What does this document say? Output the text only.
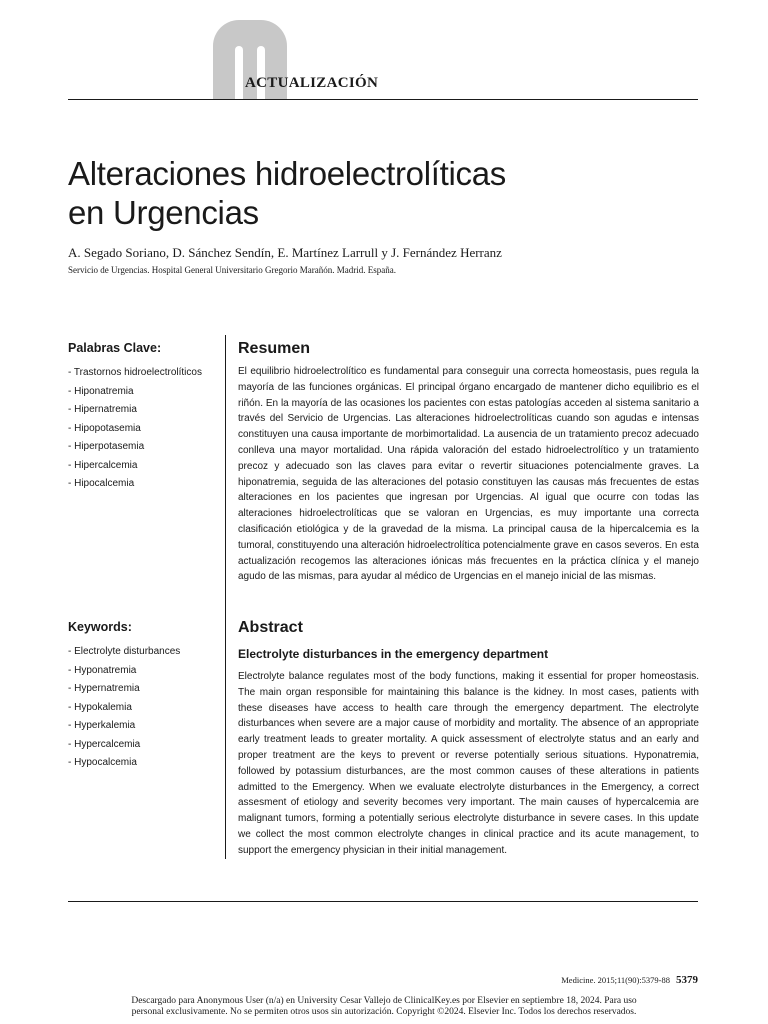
ACTUALIZACIÓN
Alteraciones hidroelectrolíticas
en Urgencias
A. Segado Soriano, D. Sánchez Sendín, E. Martínez Larrull y J. Fernández Herranz
Servicio de Urgencias. Hospital General Universitario Gregorio Marañón. Madrid. España.
Palabras Clave:
- Trastornos hidroelectrolíticos
- Hiponatremia
- Hipernatremia
- Hipopotasemia
- Hiperpotasemia
- Hipercalcemia
- Hipocalcemia
Keywords:
- Electrolyte disturbances
- Hyponatremia
- Hypernatremia
- Hypokalemia
- Hyperkalemia
- Hypercalcemia
- Hypocalcemia
Resumen

El equilibrio hidroelectrolítico es fundamental para conseguir una correcta homeostasis, pues regula la mayoría de las funciones orgánicas. El principal órgano encargado de mantener dicho equilibrio es el riñón. En la mayoría de las ocasiones los pacientes con estas patologías acceden al sistema sanitario a través del Servicio de Urgencias. Las alteraciones hidroelectrolíticas cuando son agudas e intensas constituyen una causa importante de morbimortalidad. La ausencia de un tratamiento precoz adecuado conlleva una mayor mortalidad. Una rápida valoración del estado hidroelectrolítico y un tratamiento precoz y adecuado son las claves para evitar o revertir situaciones potencialmente graves. La hiponatremia, seguida de las alteraciones del potasio constituyen las causas más frecuentes de estas alteraciones en los pacientes que ingresan por Urgencias. Al igual que ocurre con todas las alteraciones hidroelectrolíticas que se valoran en Urgencias, es muy importante una correcta clasificación etiológica y de la gravedad de la misma. La principal causa de la hipercalcemia es la tumoral, constituyendo una alteración hidroelectrolítica potencialmente grave en casos severos. En esta actualización recogemos las alteraciones iónicas más frecuentes en la práctica clínica y el manejo agudo de las mismas, para ayudar al médico de Urgencias en el manejo inicial de las mismas.

Abstract
Electrolyte disturbances in the emergency department

Electrolyte balance regulates most of the body functions, making it essential for proper homeostasis. The main organ responsible for maintaining this balance is the kidney. In most cases, patients with these diseases have access to health care through the emergency department. The electrolyte disturbances when severe are a major cause of morbidity and mortality. The absence of an appropriate early treatment leads to greater mortality. A quick assessment of electrolyte status and an early and proper treatment are the keys to prevent or reverse potentially serious situations. Hyponatremia, followed by potassium disturbances, are the most common causes of these alterations in patients admitted to the Emergency. When we evaluate electrolyte disturbances in the Emergency, a correct assesment of etiology and severity becomes very important. The main causes of hypercalcemia are malignant tumors, forming a potentially serious electrolyte disturbance in severe cases. In this update we collect the most common electrolyte changes in clinical practice and its acute management, to support the emergency physician in their initial management.

Medicine. 2015;11(90):5379-88 5379
Descargado para Anonymous User (n/a) en University Cesar Vallejo de ClinicalKey.es por Elsevier en septiembre 18, 2024. Para uso
personal exclusivamente. No se permiten otros usos sin autorización. Copyright ©2024. Elsevier Inc. Todos los derechos reservados.
